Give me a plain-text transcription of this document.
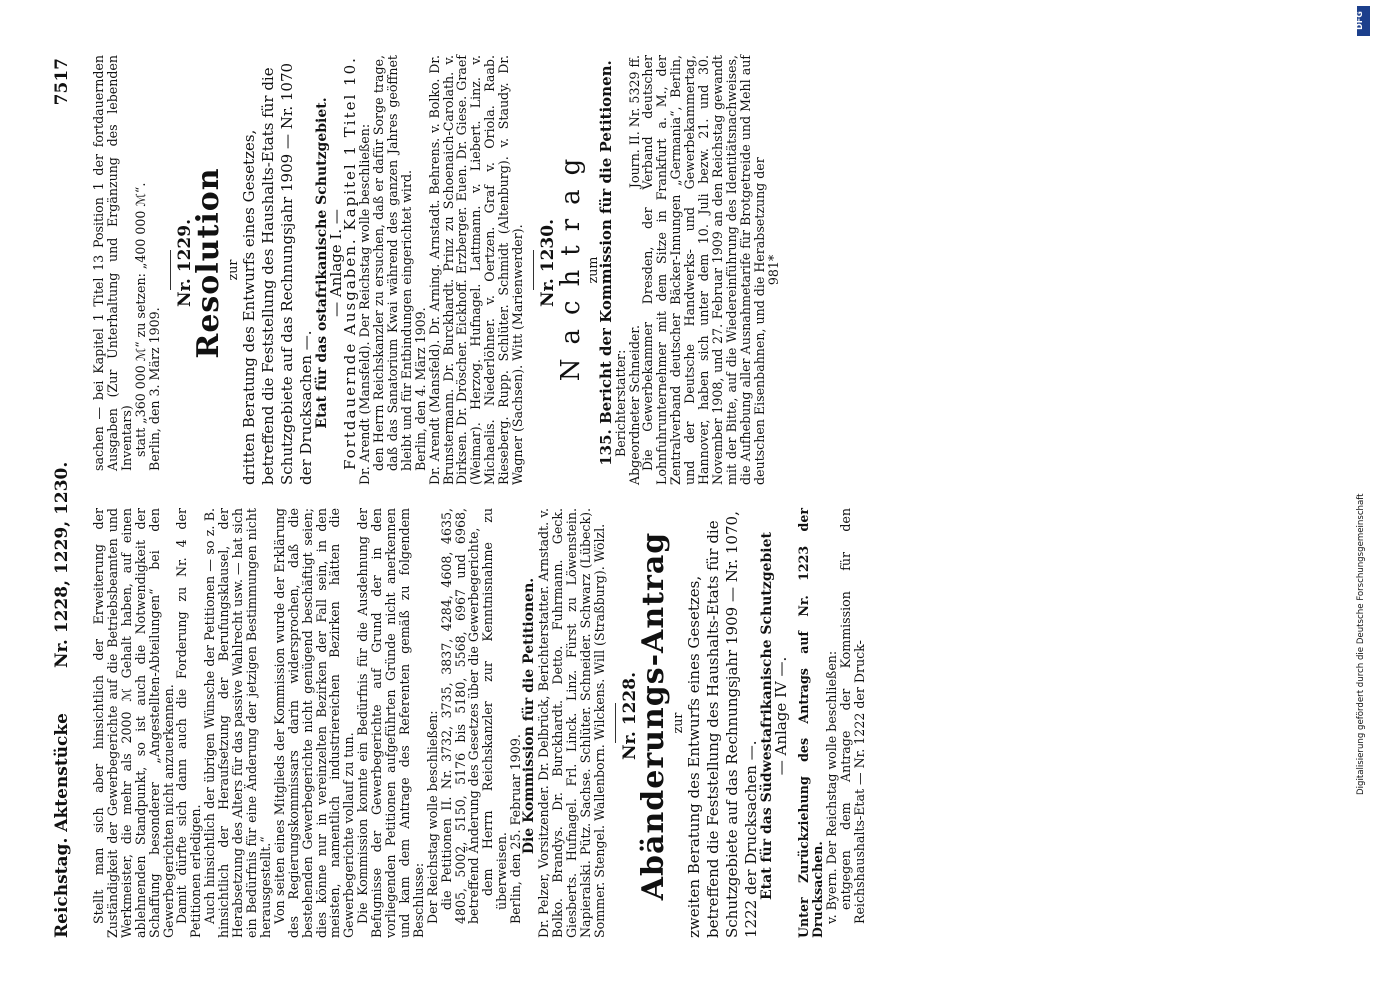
Reichstag. Aktenstücke
Nr. 1228, 1229, 1230.
7517

Stellt man sich aber hinsichtlich der Erweiterung der Zuständigkeit der Gewerbegerichte auf die Betriebsbeamten und Werkmeister, die mehr als 2000 ℳ Gehalt haben, auf einen ablehnenden Standpunkt, so ist auch die Notwendigkeit der Schaffung besonderer „Angestellten-Abteilungen“ bei den Gewerbegerichten nicht anzuerkennen.

Damit dürfte sich dann auch die Forderung zu Nr. 4 der Petitionen erledigen.

Auch hinsichtlich der übrigen Wünsche der Petitionen — so z. B. hinsichtlich der Heraufsetzung der Berufungsklausel, der Herabsetzung des Alters für das passive Wahlrecht usw. — hat sich ein Bedürfnis für eine Änderung der jetzigen Bestimmungen nicht herausgestellt.“

Von seiten eines Mitglieds der Kommission wurde der Erklärung des Regierungskommissars darin widersprochen, daß die bestehenden Gewerbegerichte nicht genügend beschäftigt seien; dies könne nur in vereinzelten Bezirken der Fall sein, in den meisten, namentlich industriereichen Bezirken hätten die Gewerbegerichte vollauf zu tun.

Die Kommission konnte ein Bedürfnis für die Ausdehnung der Befugnisse der Gewerbegerichte auf Grund der in den vorliegenden Petitionen aufgeführten Gründe nicht anerkennen und kam dem Antrage des Referenten gemäß zu folgendem Beschlusse:

Der Reichstag wolle beschließen:

die Petitionen II. Nr. 3732, 3735, 3837, 4284, 4608, 4635, 4805, 5002, 5150, 5176 bis 5180, 5568, 6967 und 6968, betreffend Änderung des Gesetzes über die Gewerbegerichte,

dem Herrn Reichskanzler zur Kenntnisnahme zu überweisen.

Berlin, den 25. Februar 1909.

Die Kommission für die Petitionen.

Dr. Pelzer, Vorsitzender. Dr. Delbrück, Berichterstatter. Arnstadt. v. Bolko. Brandys. Dr. Burckhardt. Detto. Fuhrmann. Geck. Giesberts. Hufnagel. Frl. Linck. Linz. Fürst zu Löwenstein. Napieralski. Pütz. Sachse. Schlüter. Schneider. Schwarz (Lübeck). Sommer. Stengel. Wallenborn. Wilckens. Will (Straßburg). Wölzl. Nr. 1228.

Abänderungs-Antrag zur zweiten Beratung des Entwurfs eines Gesetzes, betreffend die Feststellung des Haushalts-Etats für die Schutzgebiete auf das Rechnungsjahr 1909 — Nr. 1070, 1222 der Drucksachen —. Etat für das Südwestafrikanische Schutzgebiet

— Anlage IV —. Unter Zurückziehung des Antrags auf Nr. 1223 der Drucksachen.

v. Byern. Der Reichstag wolle beschließen:

entgegen dem Antrage der Kommission für den Reichshaushalts-Etat — Nr. 1222 der Druck-

sachen — bei Kapitel 1 Titel 13 Position 1 der fortdauernden Ausgaben (Zur Unterhaltung und Ergänzung des lebenden Inventars)

statt „360 000 ℳ“ zu setzen: „400 000 ℳ“.

Berlin, den 3. März 1909.

Nr. 1229.

Resolution zur dritten Beratung des Entwurfs eines Gesetzes, betreffend die Feststellung des Haushalts-Etats für die Schutzgebiete auf das Rechnungsjahr 1909 — Nr. 1070 der Drucksachen —. Etat für das ostafrikanische Schutzgebiet.

— Anlage I. —

Fortdauernde Ausgaben. Kapitel 1 Titel 10.

Dr. Arendt (Mansfeld). Der Reichstag wolle beschließen:

den Herrn Reichskanzler zu ersuchen, daß er dafür Sorge trage, daß das Sanatorium Kwai während des ganzen Jahres geöffnet bleibt und für Entbindungen eingerichtet wird.

Berlin, den 4. März 1909.

Dr. Arendt (Mansfeld). Dr. Arning. Arnstadt. Behrens. v. Bolko. Dr. Brunstermann. Dr. Burckhardt. Prinz zu Schoenaich-Carolath. v. Dirksen. Dr. Dröscher. Eickhoff. Erzberger. Euen. Dr. Giese. Graef (Weimar). Herzog. Hufnagel. Lattmann. v. Liebert. Linz. v. Michaelis. Niederlöhner. v. Oertzen. Graf v. Oriola. Raab. Rieseberg. Rupp. Schlüter. Schmidt (Altenburg). v. Staudy. Dr. Wagner (Sachsen). Witt (Marienwerder). Nr. 1230.

Nachtrag zum

135. Bericht der Kommission für die Petitionen.

Berichterstatter:

Abgeordneter Schneider.
Journ. II. Nr. 5329 ff.

Die Gewerbekammer Dresden, der Verband deutscher Lohnfuhrunternehmer mit dem Sitze in Frankfurt a. M., der Zentralverband deutscher Bäcker-Innungen „Germania“, Berlin, und der Deutsche Handwerks- und Gewerbekammertag, Hannover, haben sich unter dem 10. Juli bezw. 21. und 30. November 1908, und 27. Februar 1909 an den Reichstag gewandt mit der Bitte, auf die Wiedereinführung des Identitätsnachweises, die Aufhebung aller Ausnahmetarife für Brotgetreide und Mehl auf deutschen Eisenbahnen, und die Herabsetzung der

981*

DFG
Digitalisierung gefördert durch die Deutsche Forschungsgemeinschaft
